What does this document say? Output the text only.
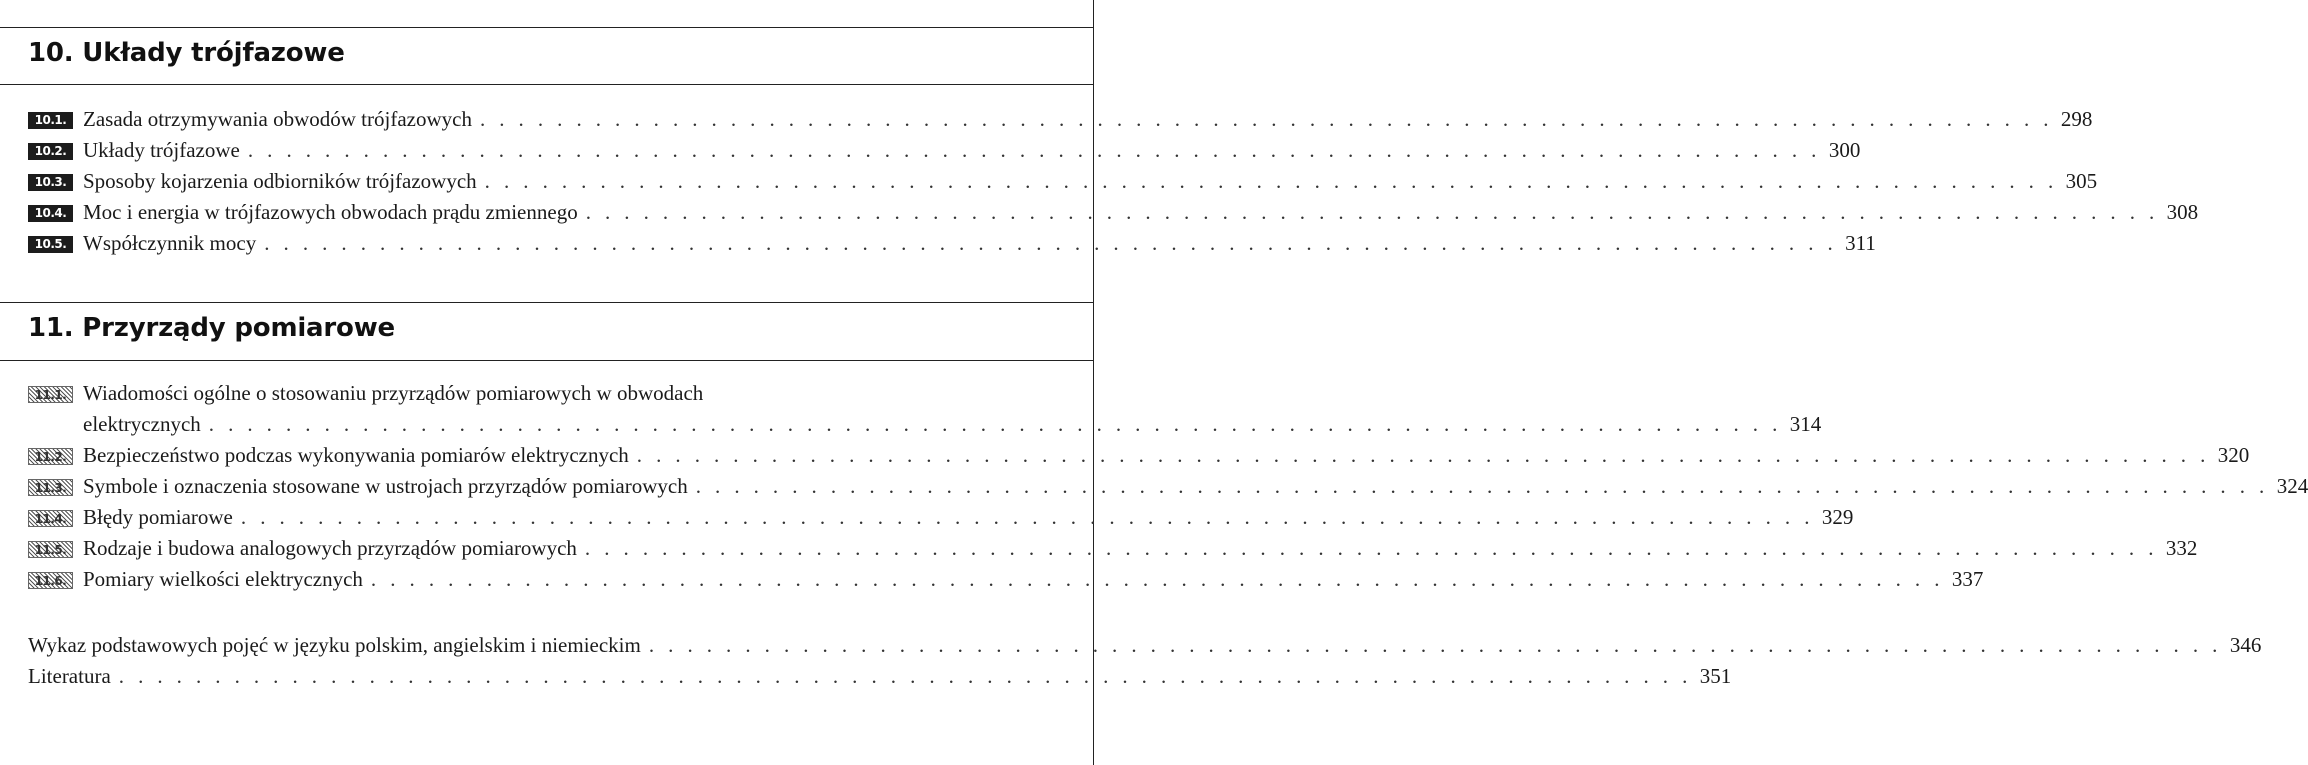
10. Układy trójfazowe
10.1. Zasada otrzymywania obwodów trójfazowych . . . . . . . . . . . . . . . . . . . . . . . . . . . . . . . . . . . . . . . . . . . . . . . . . . . . . . . . . . . . . . . . . . . . . . . . . . . . . . . . . . 298
10.2. Układy trójfazowe . . . . . . . . . . . . . . . . . . . . . . . . . . . . . . . . . . . . . . . . . . . . . . . . . . . . . . . . . . . . . . . . . . . . . . . . . . . . . . . . . . 300
10.3. Sposoby kojarzenia odbiorników trójfazowych . . . . . . . . . . . . . . . . . . . . . . . . . . . . . . . . . . . . . . . . . . . . . . . . . . . . . . . . . . . . . . . . . . . . . . . . . . . . . . . . . . 305
10.4. Moc i energia w trójfazowych obwodach prądu zmiennego . . . . . . . . . . . . . . . . . . . . . . . . . . . . . . . . . . . . . . . . . . . . . . . . . . . . . . . . . . . . . . . . . . . . . . . . . . . . . . . . . . 308
10.5. Współczynnik mocy . . . . . . . . . . . . . . . . . . . . . . . . . . . . . . . . . . . . . . . . . . . . . . . . . . . . . . . . . . . . . . . . . . . . . . . . . . . . . . . . . . 311
11. Przyrządy pomiarowe
11.1. Wiadomości ogólne o stosowaniu przyrządów pomiarowych w obwodach
elektrycznych . . . . . . . . . . . . . . . . . . . . . . . . . . . . . . . . . . . . . . . . . . . . . . . . . . . . . . . . . . . . . . . . . . . . . . . . . . . . . . . . . . 314
11.2. Bezpieczeństwo podczas wykonywania pomiarów elektrycznych . . . . . . . . . . . . . . . . . . . . . . . . . . . . . . . . . . . . . . . . . . . . . . . . . . . . . . . . . . . . . . . . . . . . . . . . . . . . . . . . . . 320
11.3. Symbole i oznaczenia stosowane w ustrojach przyrządów pomiarowych . . . . . . . . . . . . . . . . . . . . . . . . . . . . . . . . . . . . . . . . . . . . . . . . . . . . . . . . . . . . . . . . . . . . . . . . . . . . . . . . . . 324
11.4. Błędy pomiarowe . . . . . . . . . . . . . . . . . . . . . . . . . . . . . . . . . . . . . . . . . . . . . . . . . . . . . . . . . . . . . . . . . . . . . . . . . . . . . . . . . . 329
11.5. Rodzaje i budowa analogowych przyrządów pomiarowych . . . . . . . . . . . . . . . . . . . . . . . . . . . . . . . . . . . . . . . . . . . . . . . . . . . . . . . . . . . . . . . . . . . . . . . . . . . . . . . . . . 332
11.6. Pomiary wielkości elektrycznych . . . . . . . . . . . . . . . . . . . . . . . . . . . . . . . . . . . . . . . . . . . . . . . . . . . . . . . . . . . . . . . . . . . . . . . . . . . . . . . . . . 337
Wykaz podstawowych pojęć w języku polskim, angielskim i niemieckim . . . . . . . . . . . . . . . . . . . . . . . . . . . . . . . . . . . . . . . . . . . . . . . . . . . . . . . . . . . . . . . . . . . . . . . . . . . . . . . . . . 346
Literatura . . . . . . . . . . . . . . . . . . . . . . . . . . . . . . . . . . . . . . . . . . . . . . . . . . . . . . . . . . . . . . . . . . . . . . . . . . . . . . . . . . 351
